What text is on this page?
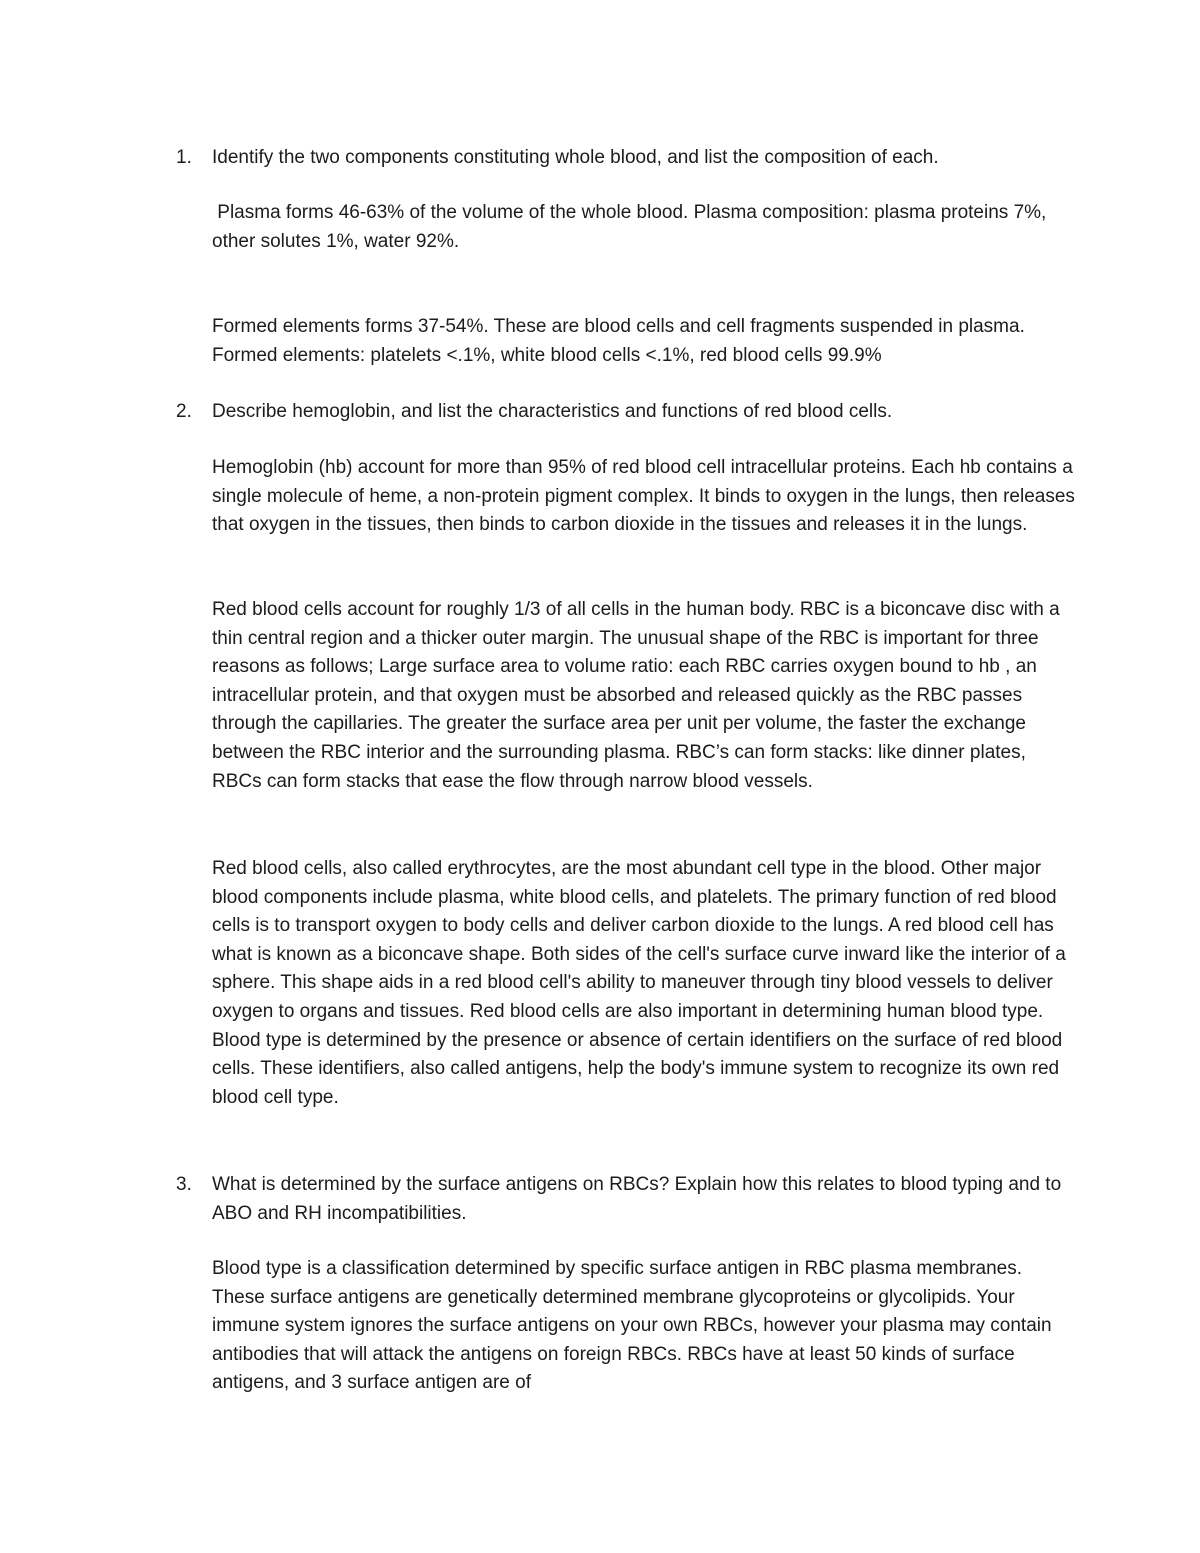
1.	Identify the two components constituting whole blood, and list the composition of each.

Plasma forms 46-63% of the volume of the whole blood. Plasma composition: plasma proteins 7%, other solutes 1%, water 92%.

Formed elements forms 37-54%. These are blood cells and cell fragments suspended in plasma. Formed elements: platelets <.1%, white blood cells <.1%, red blood cells 99.9%

2.	Describe hemoglobin, and list the characteristics and functions of red blood cells.

Hemoglobin (hb) account for more than 95% of red blood cell intracellular proteins. Each hb contains a single molecule of heme, a non-protein pigment complex. It binds to oxygen in the lungs, then releases that oxygen in the tissues, then binds to carbon dioxide in the tissues and releases it in the lungs.

Red blood cells account for roughly 1/3 of all cells in the human body. RBC is a biconcave disc with a thin central region and a thicker outer margin. The unusual shape of the RBC is important for three reasons as follows; Large surface area to volume ratio: each RBC carries oxygen bound to hb , an intracellular protein, and that oxygen must be absorbed and released quickly as the RBC passes through the capillaries. The greater the surface area per unit per volume, the faster the exchange between the RBC interior and the surrounding plasma. RBC’s can form stacks: like dinner plates, RBCs can form stacks that ease the flow through narrow blood vessels.

Red blood cells, also called erythrocytes, are the most abundant cell type in the blood. Other major blood components include plasma, white blood cells, and platelets. The primary function of red blood cells is to transport oxygen to body cells and deliver carbon dioxide to the lungs. A red blood cell has what is known as a biconcave shape. Both sides of the cell's surface curve inward like the interior of a sphere. This shape aids in a red blood cell's ability to maneuver through tiny blood vessels to deliver oxygen to organs and tissues. Red blood cells are also important in determining human blood type. Blood type is determined by the presence or absence of certain identifiers on the surface of red blood cells. These identifiers, also called antigens, help the body's immune system to recognize its own red blood cell type.

3.	What is determined by the surface antigens on RBCs? Explain how this relates to blood typing and to ABO and RH incompatibilities.

Blood type is a classification determined by specific surface antigen in RBC plasma membranes. These surface antigens are genetically determined membrane glycoproteins or glycolipids. Your immune system ignores the surface antigens on your own RBCs, however your plasma may contain antibodies that will attack the antigens on foreign RBCs. RBCs have at least 50 kinds of surface antigens, and 3 surface antigen are of
